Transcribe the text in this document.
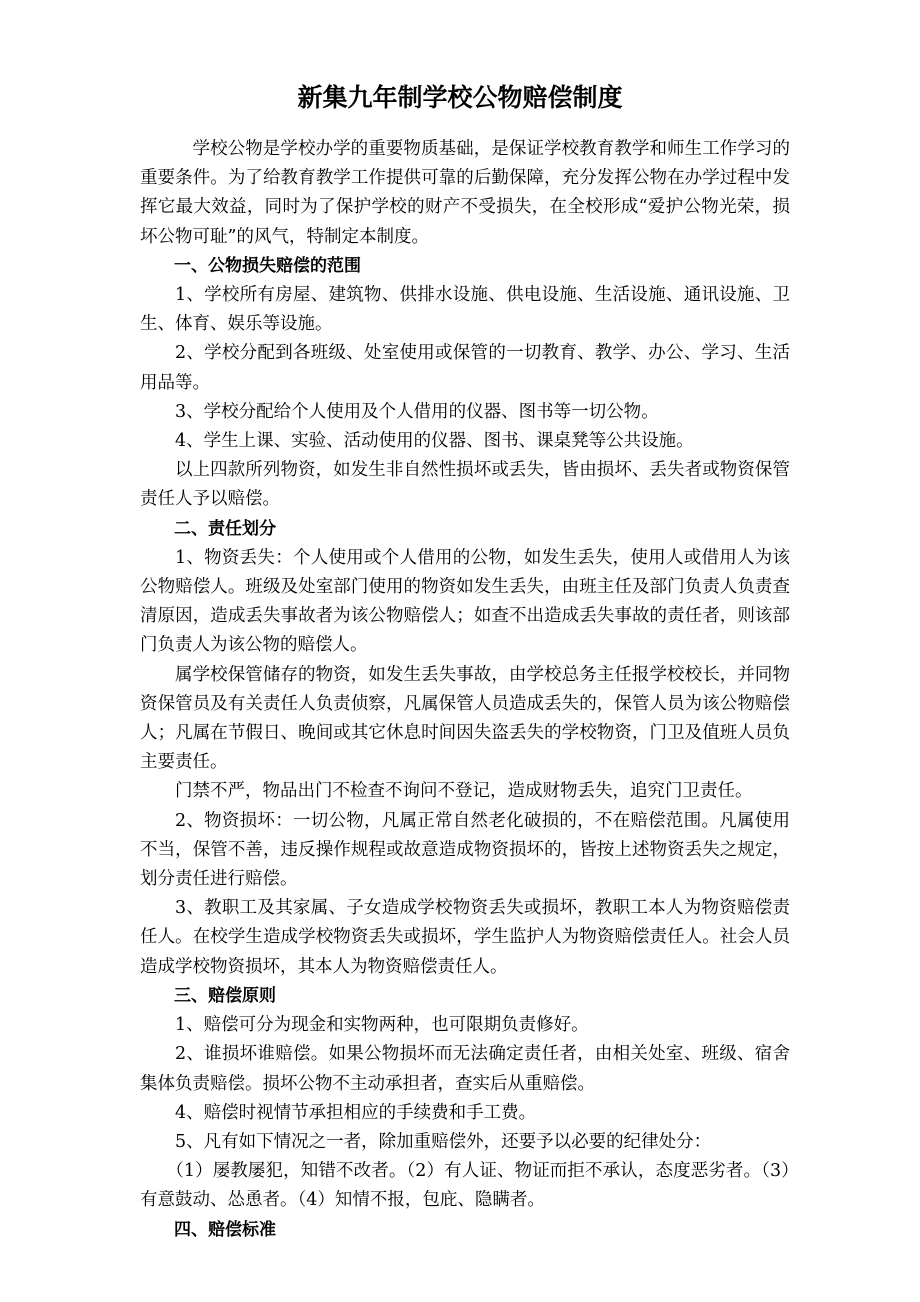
新集九年制学校公物赔偿制度

学校公物是学校办学的重要物质基础，是保证学校教育教学和师生工作学习的重要条件。为了给教育教学工作提供可靠的后勤保障，充分发挥公物在办学过程中发挥它最大效益，同时为了保护学校的财产不受损失，在全校形成“爱护公物光荣，损坏公物可耻”的风气，特制定本制度。

一、公物损失赔偿的范围

1、学校所有房屋、建筑物、供排水设施、供电设施、生活设施、通讯设施、卫生、体育、娱乐等设施。

2、学校分配到各班级、处室使用或保管的一切教育、教学、办公、学习、生活用品等。

3、学校分配给个人使用及个人借用的仪器、图书等一切公物。

4、学生上课、实验、活动使用的仪器、图书、课桌凳等公共设施。

以上四款所列物资，如发生非自然性损坏或丢失，皆由损坏、丢失者或物资保管责任人予以赔偿。

二、责任划分

1、物资丢失：个人使用或个人借用的公物，如发生丢失，使用人或借用人为该公物赔偿人。班级及处室部门使用的物资如发生丢失，由班主任及部门负责人负责查清原因，造成丢失事故者为该公物赔偿人；如查不出造成丢失事故的责任者，则该部门负责人为该公物的赔偿人。

属学校保管储存的物资，如发生丢失事故，由学校总务主任报学校校长，并同物资保管员及有关责任人负责侦察，凡属保管人员造成丢失的，保管人员为该公物赔偿人；凡属在节假日、晚间或其它休息时间因失盗丢失的学校物资，门卫及值班人员负主要责任。

门禁不严，物品出门不检查不询问不登记，造成财物丢失，追究门卫责任。

2、物资损坏：一切公物，凡属正常自然老化破损的，不在赔偿范围。凡属使用不当，保管不善，违反操作规程或故意造成物资损坏的，皆按上述物资丢失之规定，划分责任进行赔偿。

3、教职工及其家属、子女造成学校物资丢失或损坏，教职工本人为物资赔偿责任人。在校学生造成学校物资丢失或损坏，学生监护人为物资赔偿责任人。社会人员造成学校物资损坏，其本人为物资赔偿责任人。

三、赔偿原则

1、赔偿可分为现金和实物两种，也可限期负责修好。

2、谁损坏谁赔偿。如果公物损坏而无法确定责任者，由相关处室、班级、宿舍集体负责赔偿。损坏公物不主动承担者，查实后从重赔偿。

4、赔偿时视情节承担相应的手续费和手工费。

5、凡有如下情况之一者，除加重赔偿外，还要予以必要的纪律处分：

（1）屡教屡犯，知错不改者。（2）有人证、物证而拒不承认，态度恶劣者。（3）有意鼓动、怂恿者。（4）知情不报，包庇、隐瞒者。

四、赔偿标准
